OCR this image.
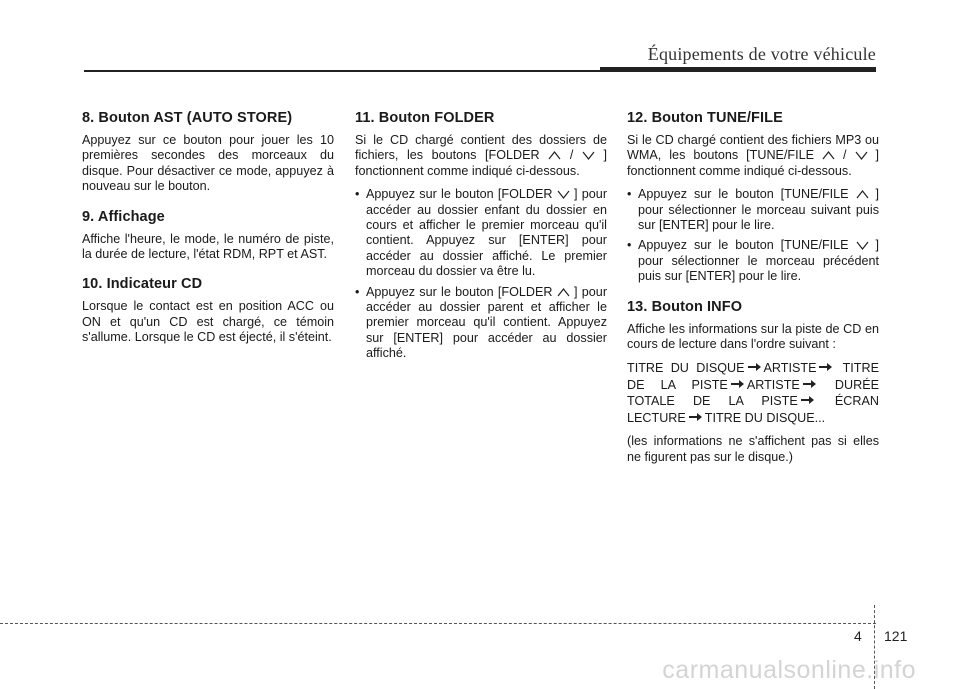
Équipements de votre véhicule
8. Bouton AST (AUTO STORE)

Appuyez sur ce bouton pour jouer les 10 premières secondes des morceaux du disque. Pour désactiver ce mode, appuyez à nouveau sur le bouton.

9. Affichage

Affiche l'heure, le mode, le numéro de piste, la durée de lecture, l'état RDM, RPT et AST.

10. Indicateur CD

Lorsque le contact est en position ACC ou ON et qu'un CD est chargé, ce témoin s'allume. Lorsque le CD est éjecté, il s'éteint.

11. Bouton FOLDER

Si le CD chargé contient des dossiers de fichiers, les boutons [FOLDER
/
] fonctionnent comme indiqué ci-dessous.

• Appuyez sur le bouton [FOLDER
] pour accéder au dossier enfant du dossier en cours et afficher le premier morceau qu'il contient. Appuyez sur [ENTER] pour accéder au dossier affiché. Le premier morceau du dossier va être lu.
• Appuyez sur le bouton [FOLDER
] pour accéder au dossier parent et afficher le premier morceau qu'il contient. Appuyez sur [ENTER] pour accéder au dossier affiché.
12. Bouton TUNE/FILE

Si le CD chargé contient des fichiers MP3 ou WMA, les boutons [TUNE/FILE
/
] fonctionnent comme indiqué ci-dessous.

• Appuyez sur le bouton [TUNE/FILE
] pour sélectionner le morceau suivant puis sur [ENTER] pour le lire.
• Appuyez sur le bouton [TUNE/FILE
] pour sélectionner le morceau précédent puis sur [ENTER] pour le lire.
13. Bouton INFO

Affiche les informations sur la piste de CD en cours de lecture dans l'ordre suivant :

TITRE DU DISQUE ARTISTE TITRE DE LA PISTE ARTISTE	DURÉE TOTALE DE LA PISTE	ÉCRAN LECTURE TITRE DU DISQUE...

(les informations ne s'affichent pas si elles ne figurent pas sur le disque.)

4 121
carmanualsonline.info
